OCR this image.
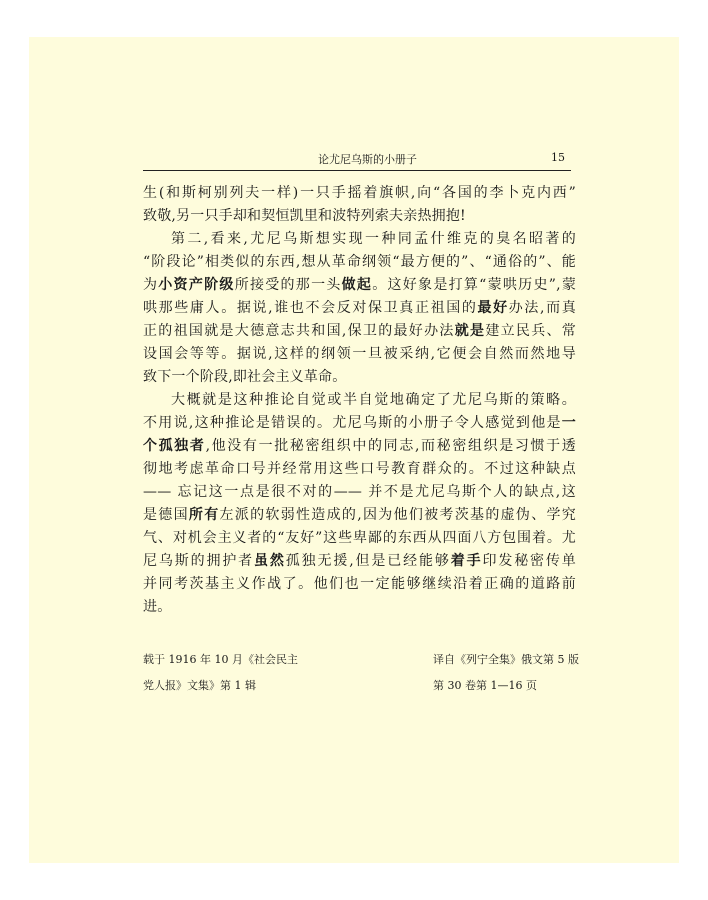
论尤尼乌斯的小册子	15
生(和斯柯别列夫一样)一只手摇着旗帜,向“各国的李卜克内西”
致敬,另一只手却和契恒凯里和波特列索夫亲热拥抱!
第二,看来,尤尼乌斯想实现一种同孟什维克的臭名昭著的
“阶段论”相类似的东西,想从革命纲领“最方便的”、“通俗的”、能
为小资产阶级所接受的那一头做起。这好象是打算“蒙哄历史”,蒙
哄那些庸人。据说,谁也不会反对保卫真正祖国的最好办法,而真
正的祖国就是大德意志共和国,保卫的最好办法就是建立民兵、常
设国会等等。据说,这样的纲领一旦被采纳,它便会自然而然地导
致下一个阶段,即社会主义革命。
大概就是这种推论自觉或半自觉地确定了尤尼乌斯的策略。
不用说,这种推论是错误的。尤尼乌斯的小册子令人感觉到他是一
个孤独者,他没有一批秘密组织中的同志,而秘密组织是习惯于透
彻地考虑革命口号并经常用这些口号教育群众的。不过这种缺点
—— 忘记这一点是很不对的—— 并不是尤尼乌斯个人的缺点,这
是德国所有左派的软弱性造成的,因为他们被考茨基的虚伪、学究
气、对机会主义者的“友好”这些卑鄙的东西从四面八方包围着。尤
尼乌斯的拥护者虽然孤独无援,但是已经能够着手印发秘密传单
并同考茨基主义作战了。他们也一定能够继续沿着正确的道路前
进。
载于 1916 年 10 月《社会民主
党人报》文集》第 1 辑
译自《列宁全集》俄文第 5 版
第 30 卷第 1—16 页
